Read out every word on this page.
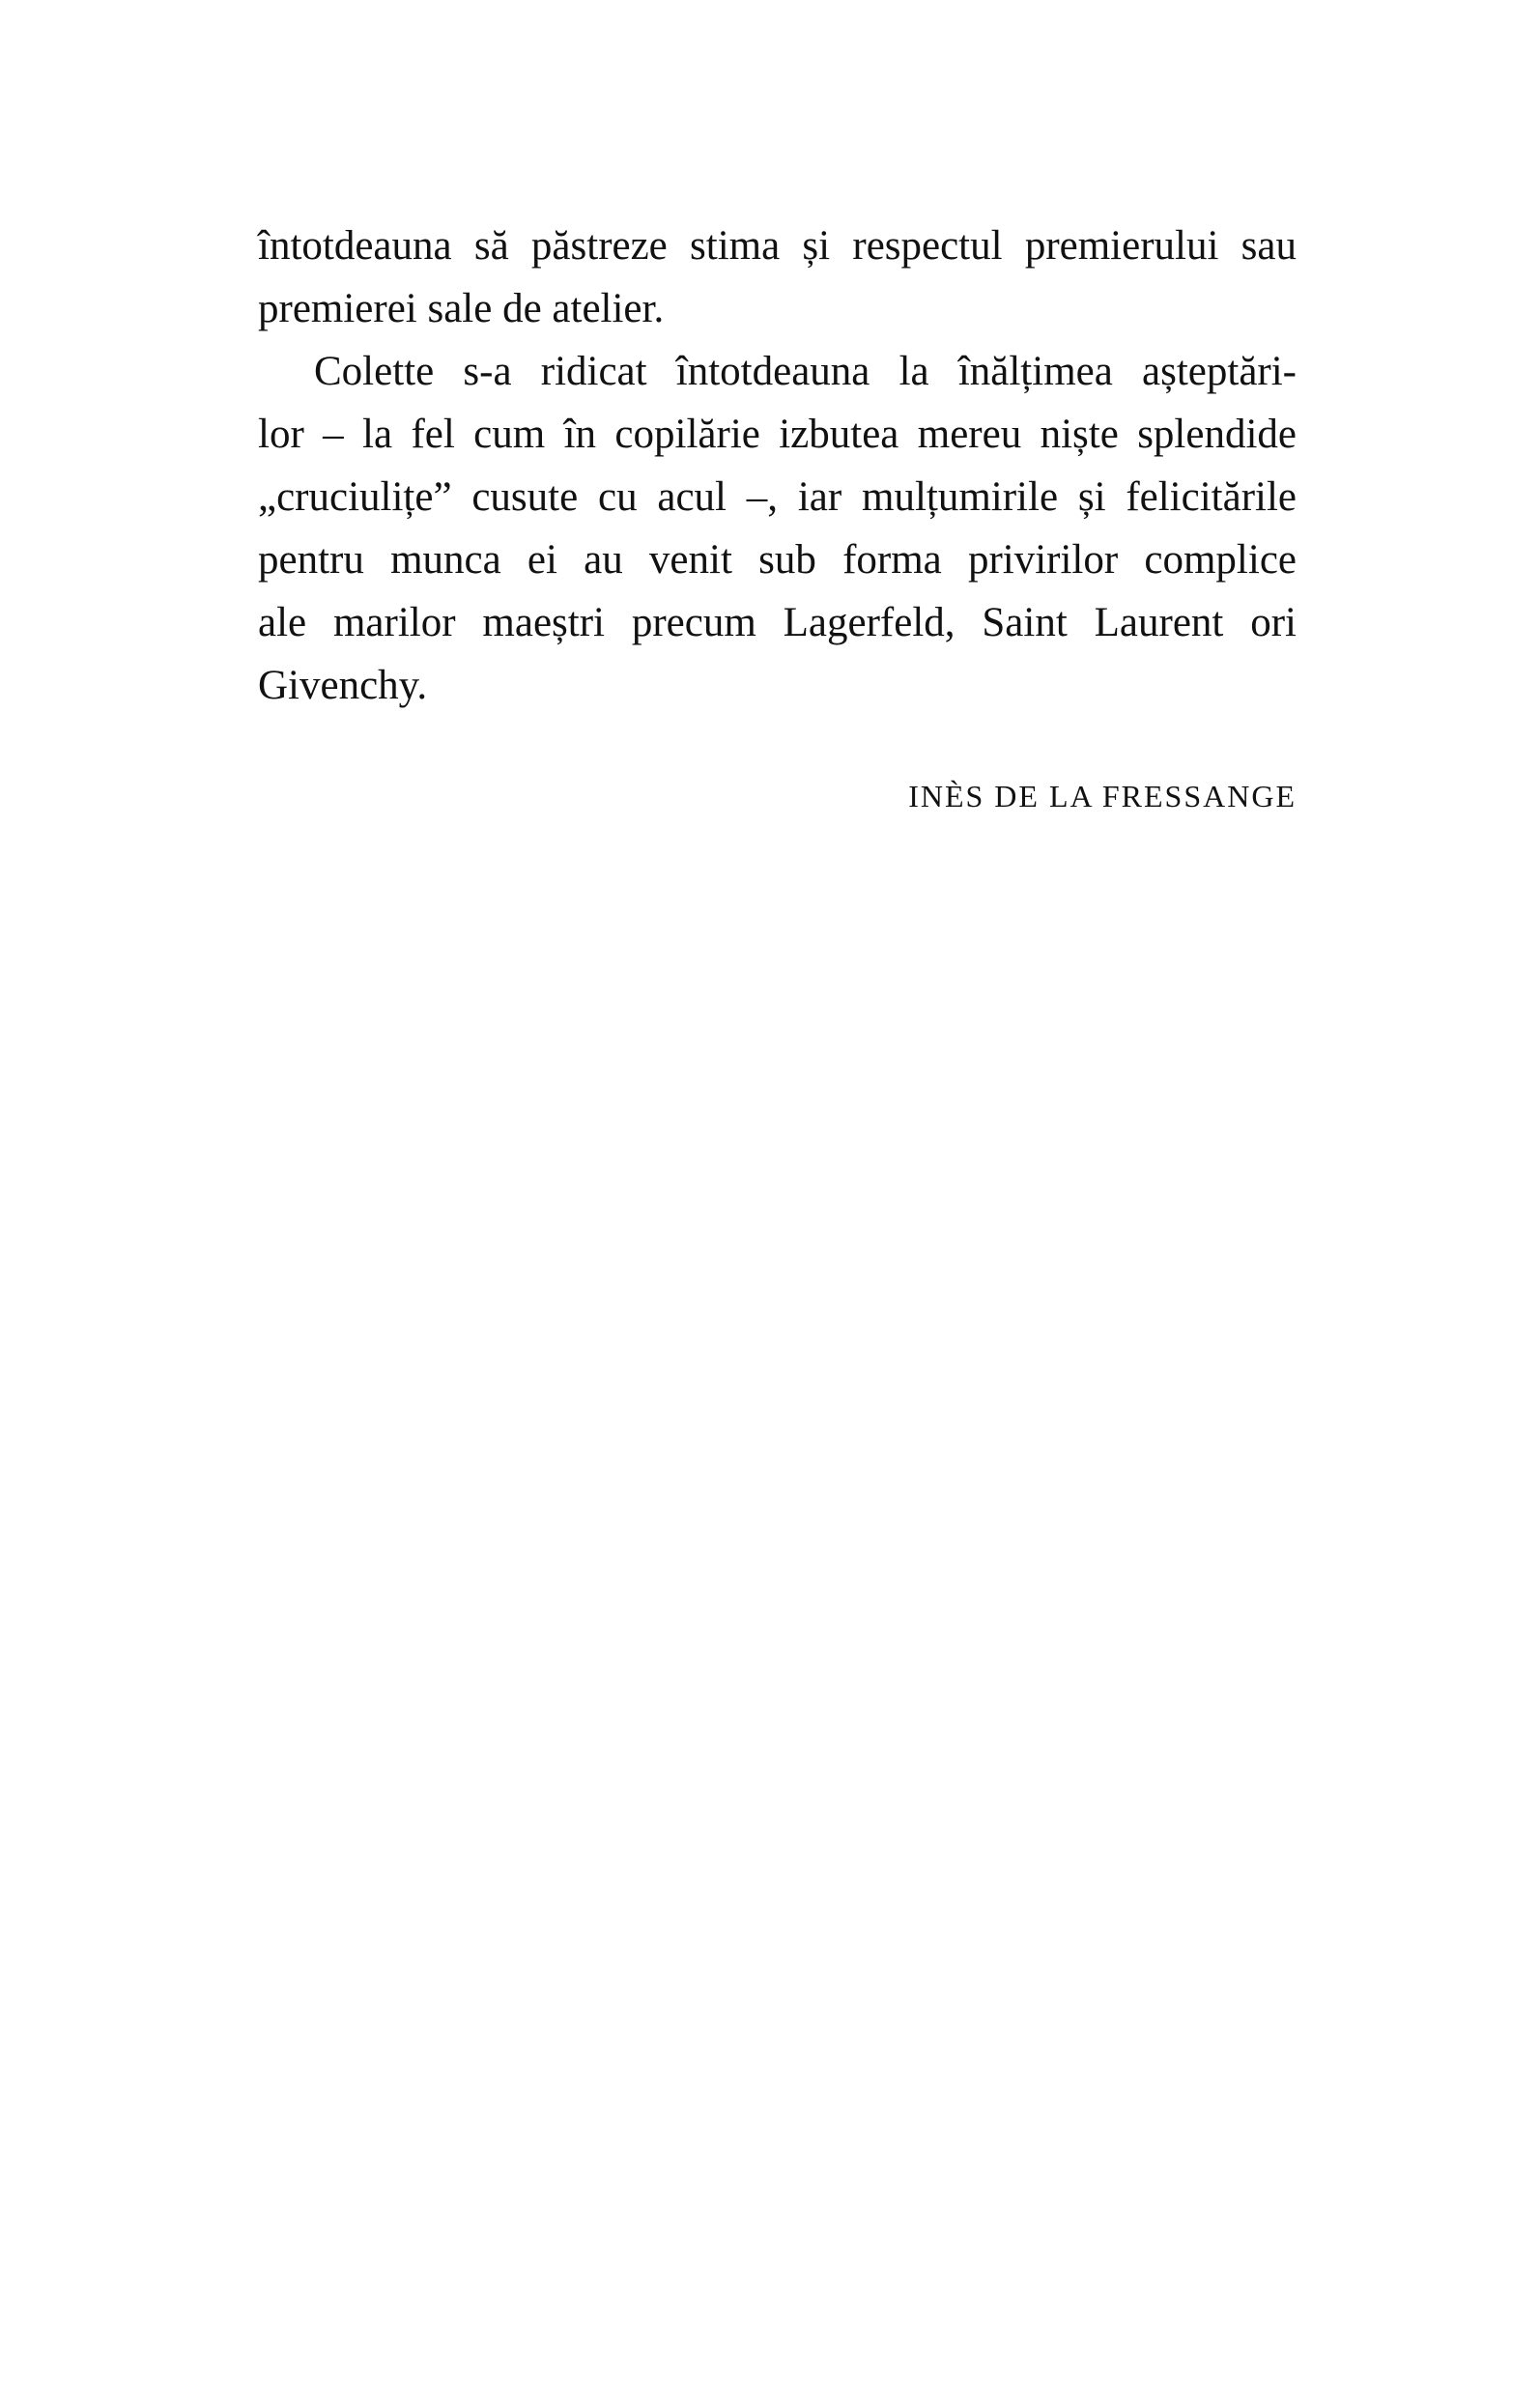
întotdeauna să păstreze stima și respectul premierului sau
premierei sale de atelier.
Colette s-a ridicat întotdeauna la înălțimea așteptări-
lor – la fel cum în copilărie izbutea mereu niște splendide
„cruciulițe” cusute cu acul –, iar mulțumirile și felicitările
pentru munca ei au venit sub forma privirilor complice
ale marilor maeștri precum Lagerfeld, Saint Laurent ori
Givenchy.
INÈS DE LA FRESSANGE
